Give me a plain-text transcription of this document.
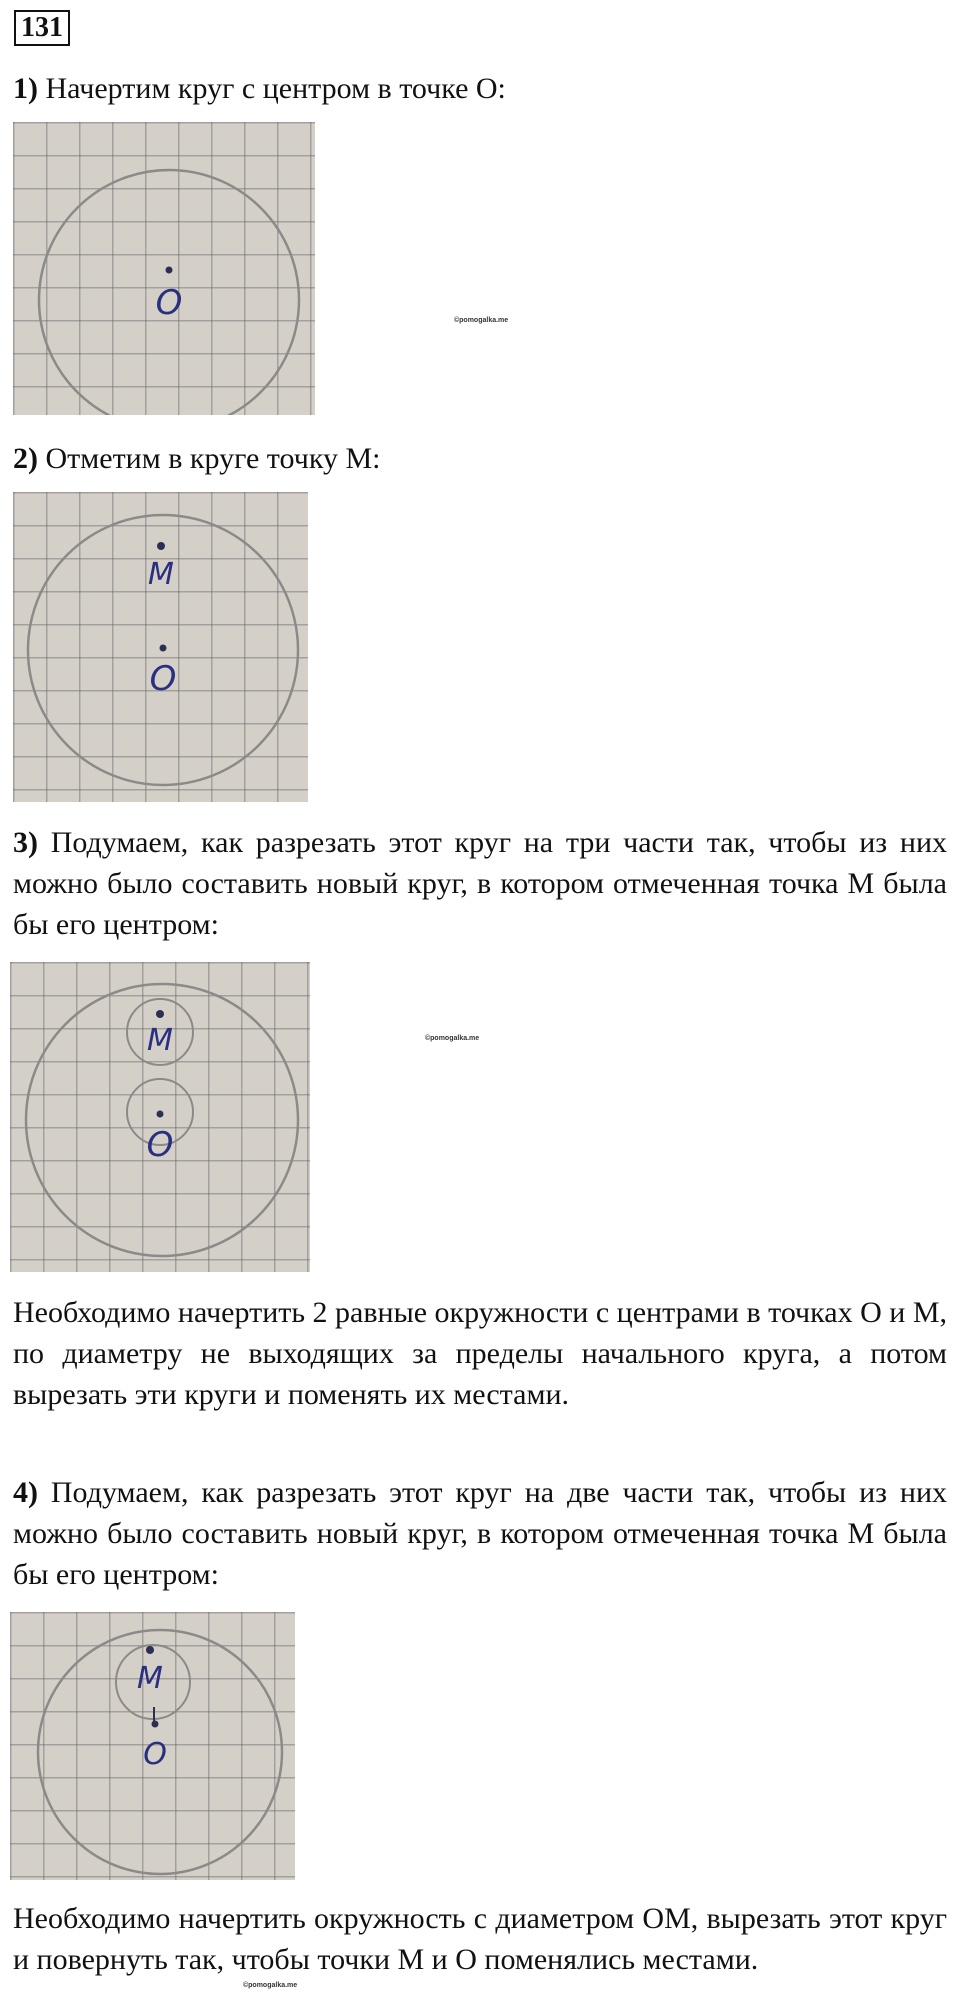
131

1) Начертим круг с центром в точке О:

О	©pomogalka.me

2) Отметим в круге точку М:

М
О

3) Подумаем, как разрезать этот круг на три части так, чтобы из них можно было составить новый круг, в котором отмеченная точка М была бы его центром:

М
О
©pomogalka.me

Необходимо начертить 2 равные окружности с центрами в точках О и М, по диаметру не выходящих за пределы начального круга, а потом вырезать эти круги и поменять их местами.

4) Подумаем, как разрезать этот круг на две части так, чтобы из них можно было составить новый круг, в котором отмеченная точка М была бы его центром:

М
О

Необходимо начертить окружность с диаметром ОМ, вырезать этот круг и повернуть так, чтобы точки М и О поменялись местами.

©pomogalka.me
